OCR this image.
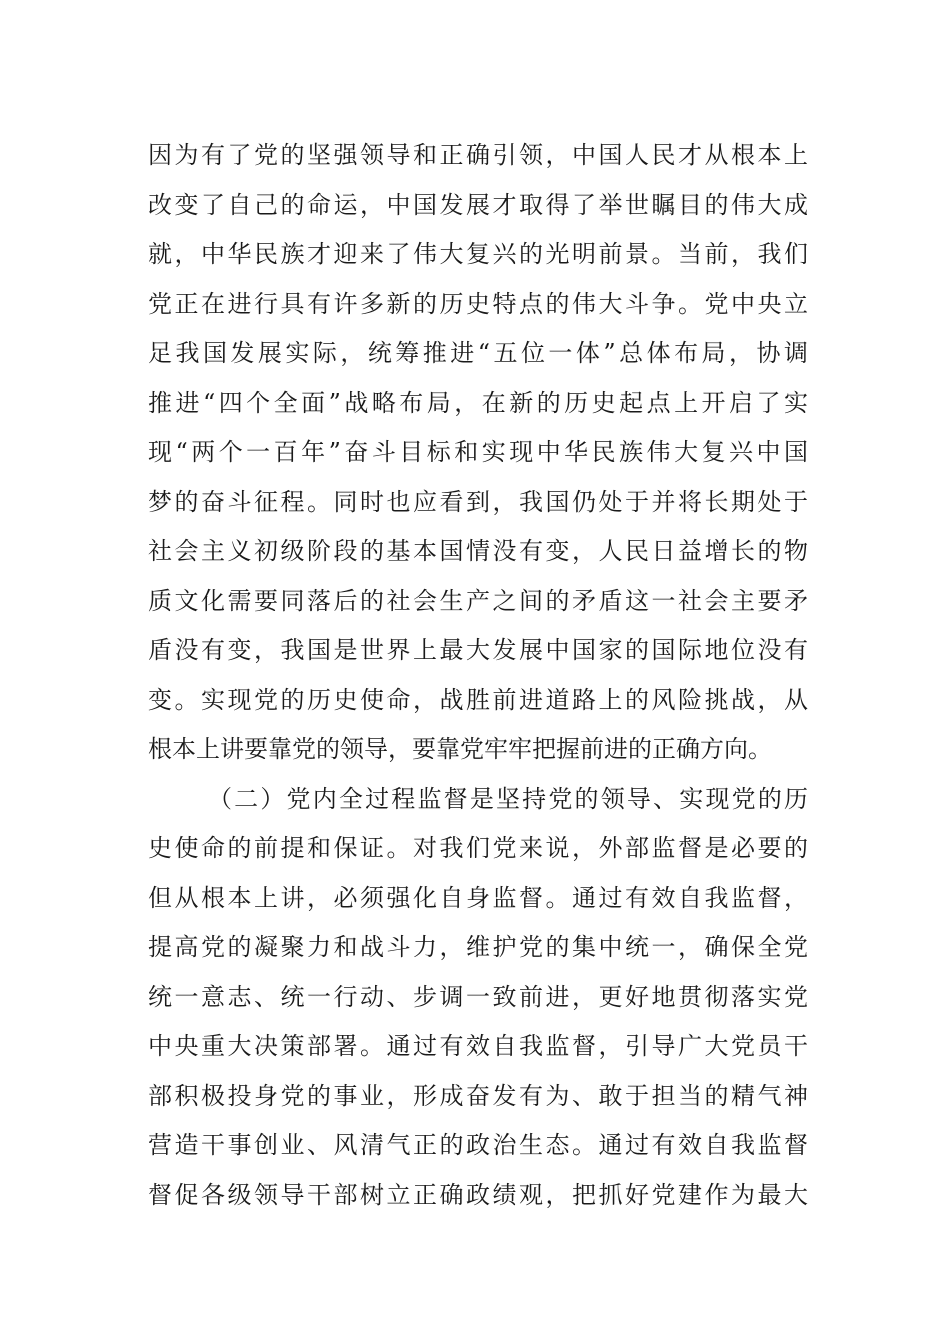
因为有了党的坚强领导和正确引领，中国人民才从根本上
改变了自己的命运，中国发展才取得了举世瞩目的伟大成
就，中华民族才迎来了伟大复兴的光明前景。当前，我们
党正在进行具有许多新的历史特点的伟大斗争。党中央立
足我国发展实际，统筹推进“五位一体”总体布局，协调
推进“四个全面”战略布局，在新的历史起点上开启了实
现“两个一百年”奋斗目标和实现中华民族伟大复兴中国
梦的奋斗征程。同时也应看到，我国仍处于并将长期处于
社会主义初级阶段的基本国情没有变，人民日益增长的物
质文化需要同落后的社会生产之间的矛盾这一社会主要矛
盾没有变，我国是世界上最大发展中国家的国际地位没有
变。实现党的历史使命，战胜前进道路上的风险挑战，从
根本上讲要靠党的领导，要靠党牢牢把握前进的正确方向。
（二）党内全过程监督是坚持党的领导、实现党的历
史使命的前提和保证。对我们党来说，外部监督是必要的
但从根本上讲，必须强化自身监督。通过有效自我监督，
提高党的凝聚力和战斗力，维护党的集中统一，确保全党
统一意志、统一行动、步调一致前进，更好地贯彻落实党
中央重大决策部署。通过有效自我监督，引导广大党员干
部积极投身党的事业，形成奋发有为、敢于担当的精气神
营造干事创业、风清气正的政治生态。通过有效自我监督
督促各级领导干部树立正确政绩观，把抓好党建作为最大
